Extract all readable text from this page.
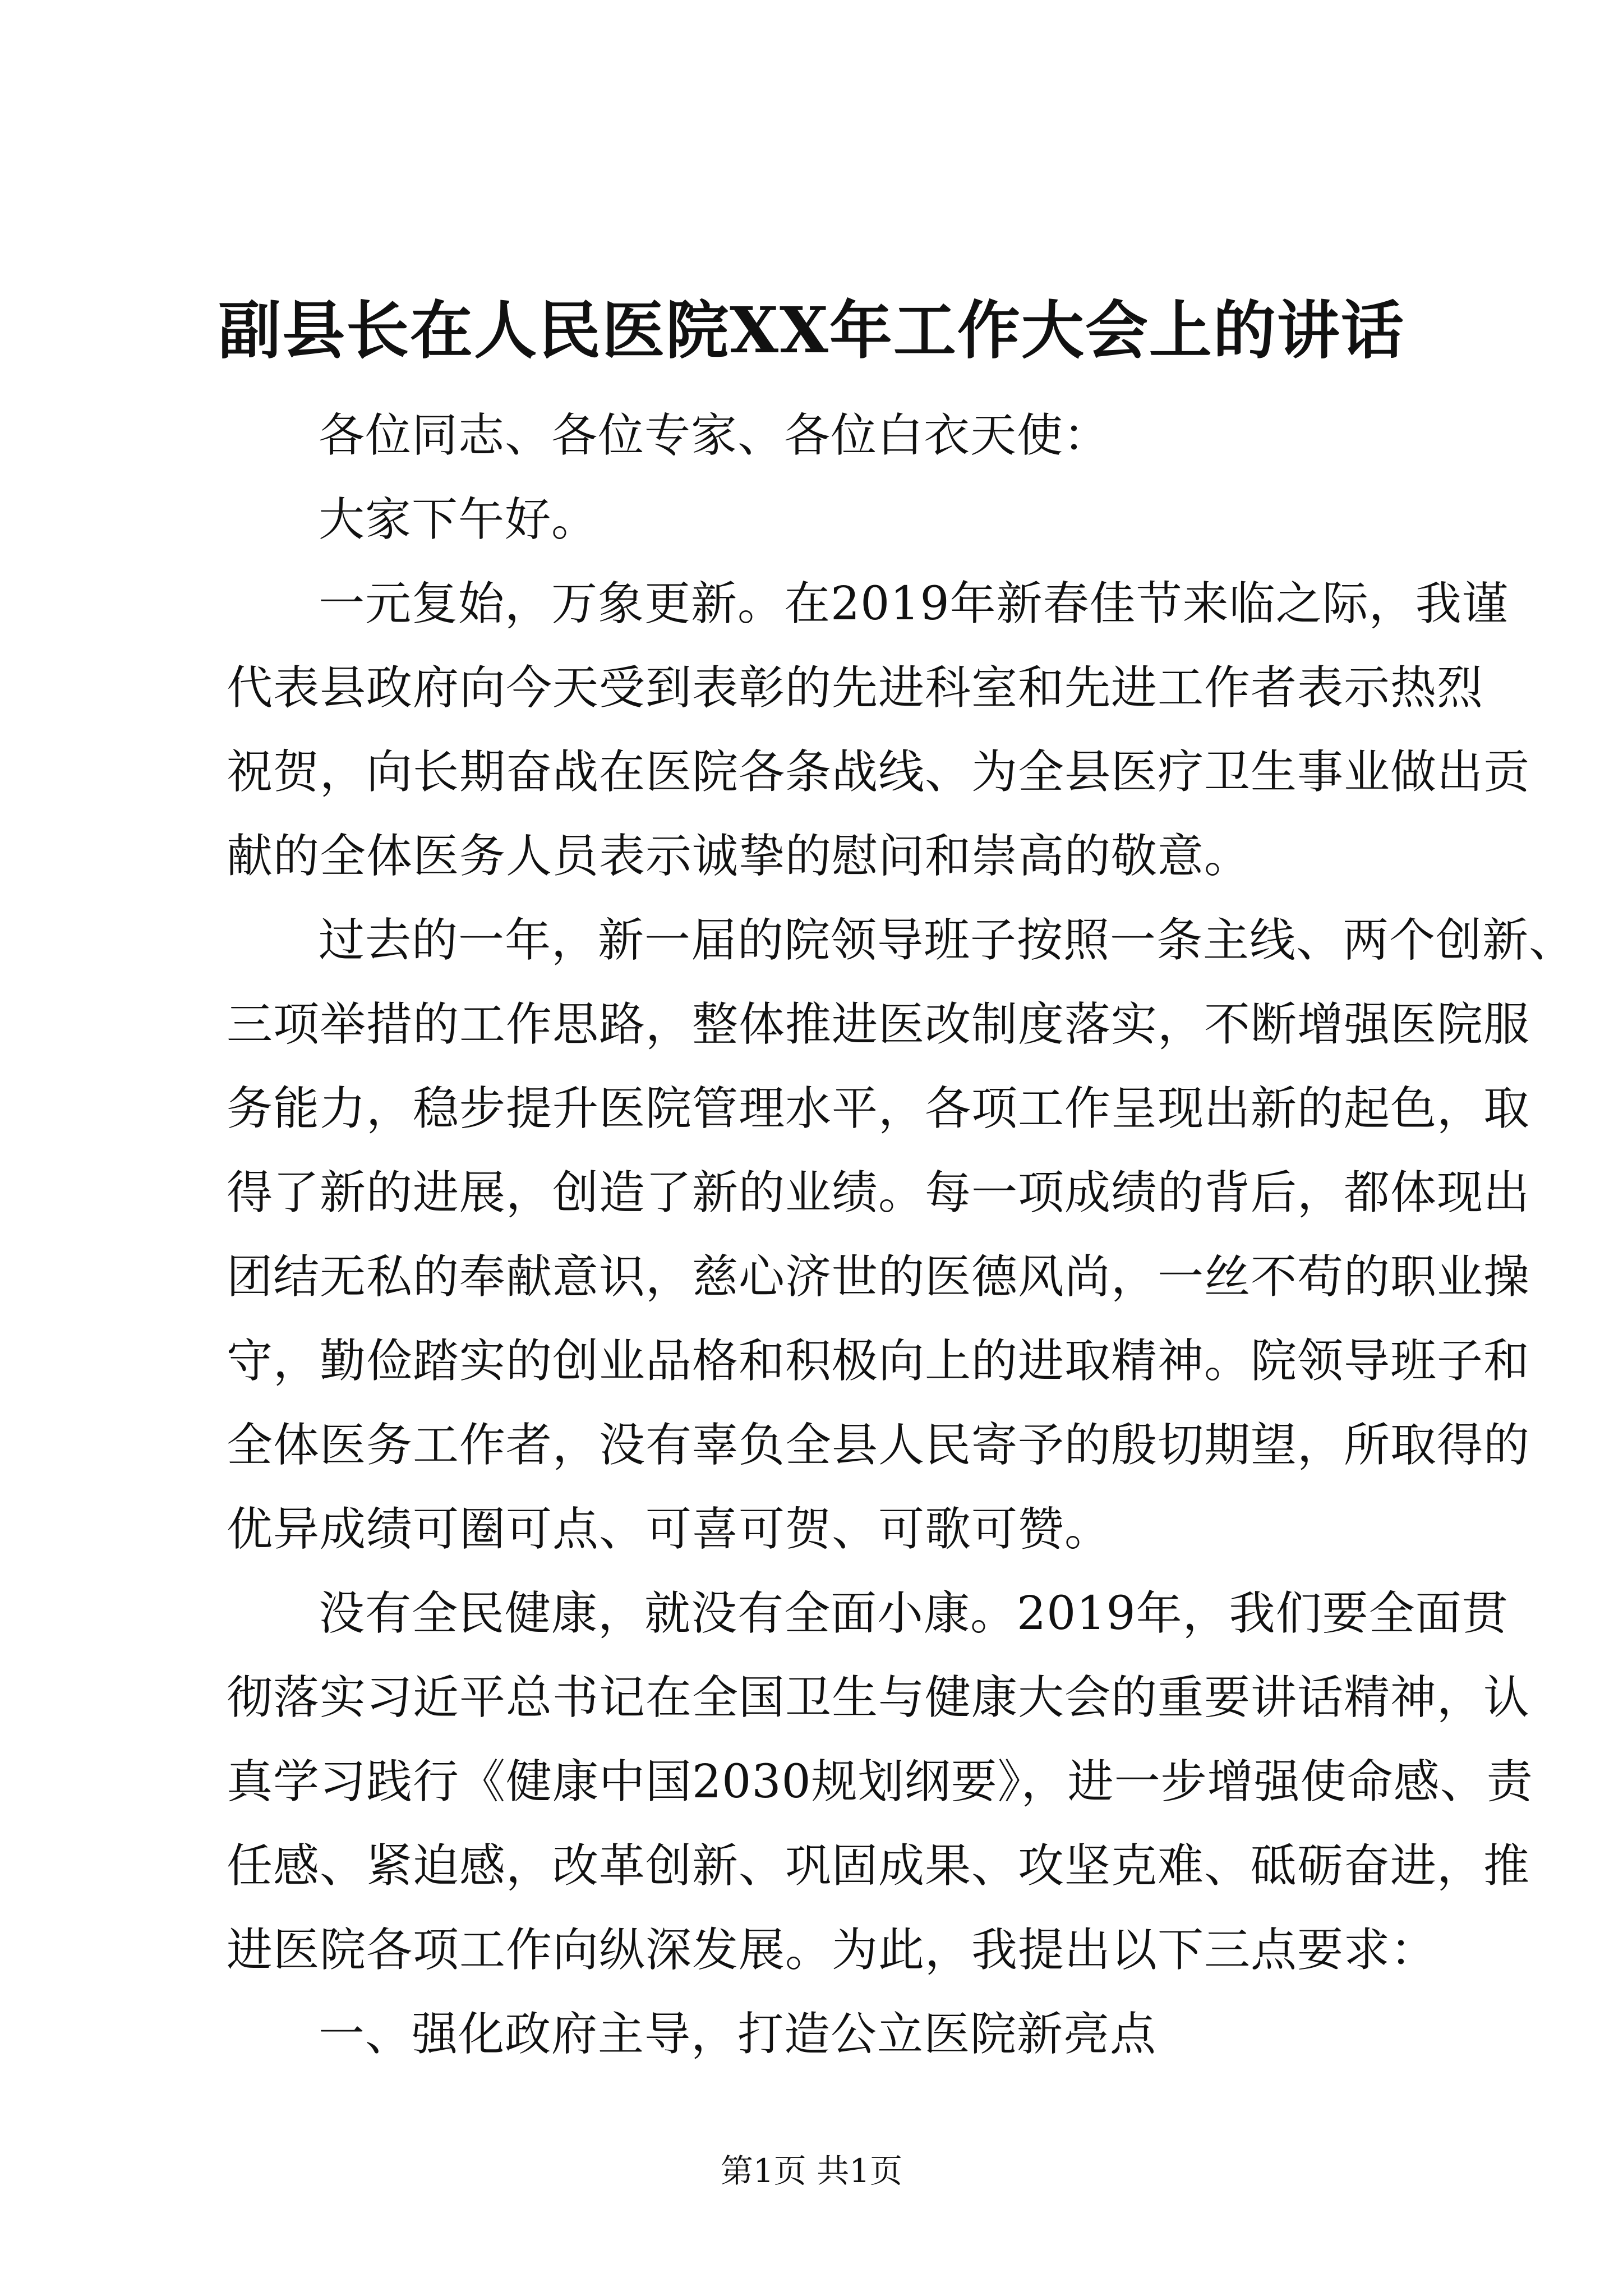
副县长在人民医院XX年工作大会上的讲话

各位同志、各位专家、各位白衣天使：

大家下午好。

一元复始，万象更新。在2019年新春佳节来临之际，我谨
代表县政府向今天受到表彰的先进科室和先进工作者表示热烈
祝贺，向长期奋战在医院各条战线、为全县医疗卫生事业做出贡
献的全体医务人员表示诚挚的慰问和崇高的敬意。

过去的一年，新一届的院领导班子按照一条主线、两个创新、
三项举措的工作思路，整体推进医改制度落实，不断增强医院服
务能力，稳步提升医院管理水平，各项工作呈现出新的起色，取
得了新的进展，创造了新的业绩。每一项成绩的背后，都体现出
团结无私的奉献意识，慈心济世的医德风尚，一丝不苟的职业操
守，勤俭踏实的创业品格和积极向上的进取精神。院领导班子和
全体医务工作者，没有辜负全县人民寄予的殷切期望，所取得的
优异成绩可圈可点、可喜可贺、可歌可赞。

没有全民健康，就没有全面小康。2019年，我们要全面贯
彻落实习近平总书记在全国卫生与健康大会的重要讲话精神，认
真学习践行《健康中国2030规划纲要》，进一步增强使命感、责
任感、紧迫感，改革创新、巩固成果、攻坚克难、砥砺奋进，推
进医院各项工作向纵深发展。为此，我提出以下三点要求：

一、强化政府主导，打造公立医院新亮点

第1页 共1页
